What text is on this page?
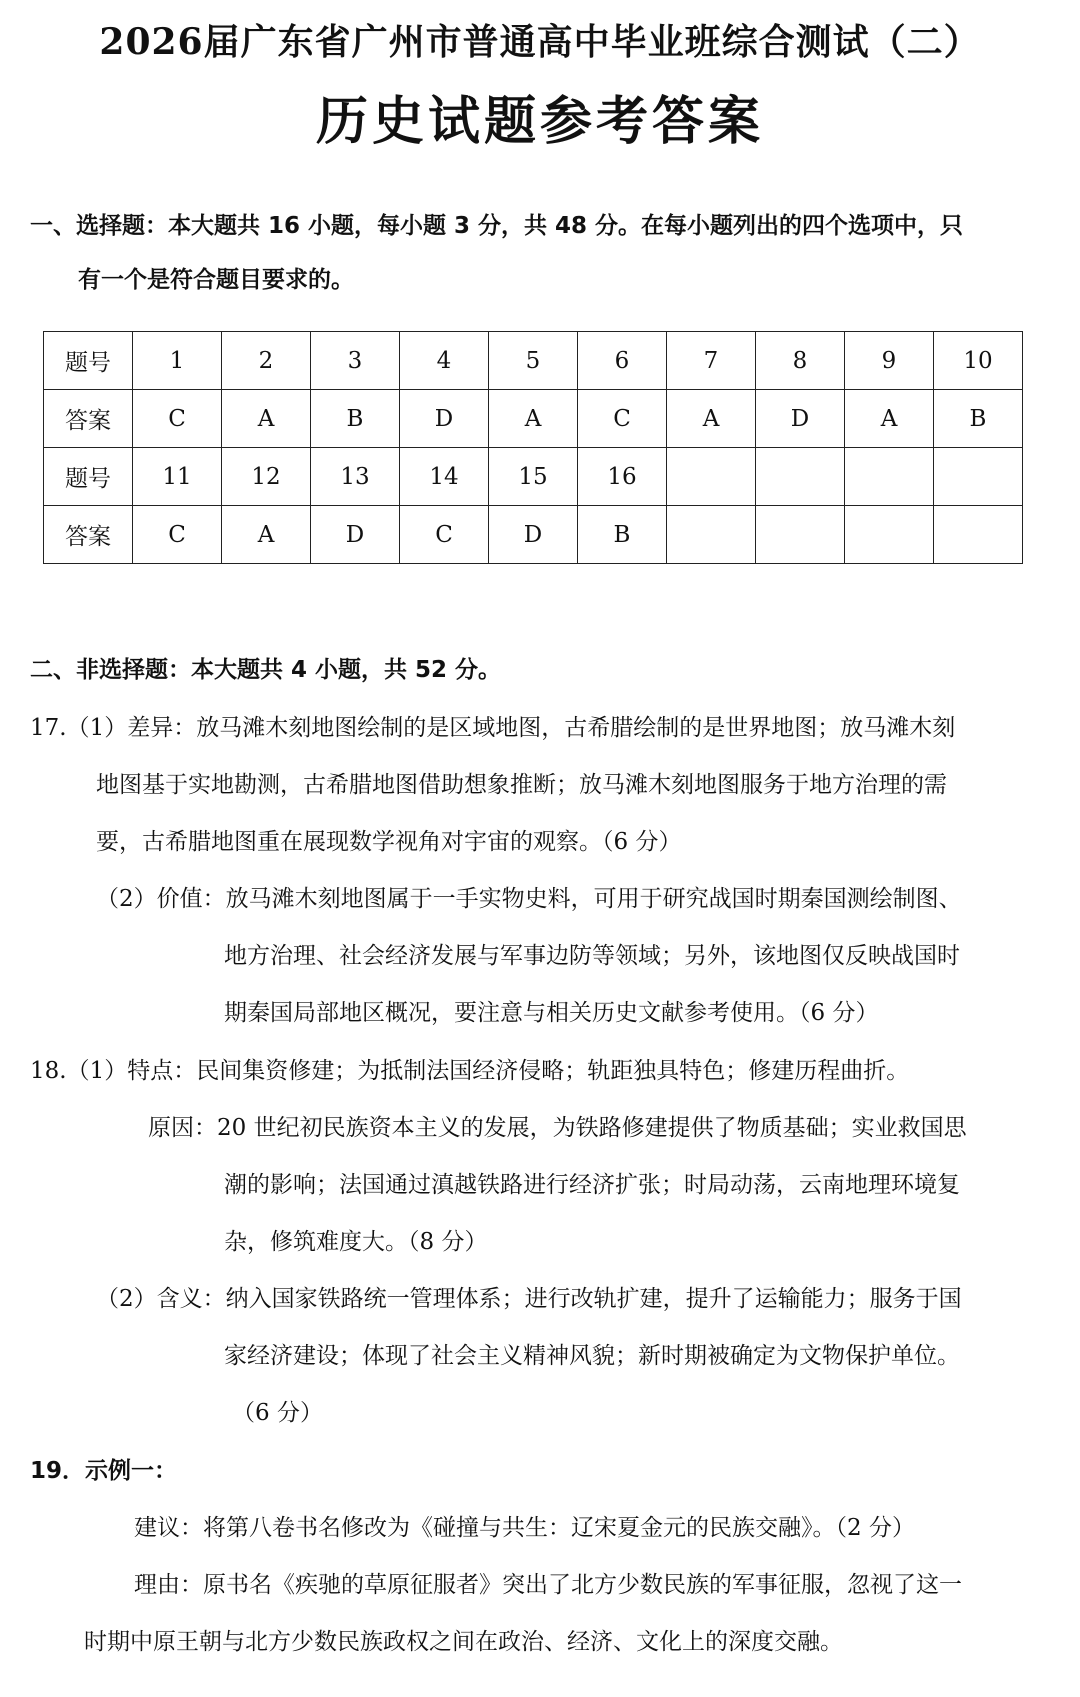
2026届广东省广州市普通高中毕业班综合测试（二）
历史试题参考答案
一、选择题：本大题共 16 小题，每小题 3 分，共 48 分。在每小题列出的四个选项中，只
有一个是符合题目要求的。
题号	1	2	3	4	5	6	7	8	9	10
答案	C	A	B	D	A	C	A	D	A	B
题号	11	12	13	14	15	16				
答案	C	A	D	C	D	B				
二、非选择题：本大题共 4 小题，共 52 分。
17.（1）差异：放马滩木刻地图绘制的是区域地图，古希腊绘制的是世界地图；放马滩木刻
地图基于实地勘测，古希腊地图借助想象推断；放马滩木刻地图服务于地方治理的需
要，古希腊地图重在展现数学视角对宇宙的观察。（6 分）
（2）价值：放马滩木刻地图属于一手实物史料，可用于研究战国时期秦国测绘制图、
地方治理、社会经济发展与军事边防等领域；另外，该地图仅反映战国时
期秦国局部地区概况，要注意与相关历史文献参考使用。（6 分）
18.（1）特点：民间集资修建；为抵制法国经济侵略；轨距独具特色；修建历程曲折。
原因：20 世纪初民族资本主义的发展，为铁路修建提供了物质基础；实业救国思
潮的影响；法国通过滇越铁路进行经济扩张；时局动荡，云南地理环境复
杂，修筑难度大。（8 分）
（2）含义：纳入国家铁路统一管理体系；进行改轨扩建，提升了运输能力；服务于国
家经济建设；体现了社会主义精神风貌；新时期被确定为文物保护单位。
（6 分）
19．示例一：
建议：将第八卷书名修改为《碰撞与共生：辽宋夏金元的民族交融》。（2 分）
理由：原书名《疾驰的草原征服者》突出了北方少数民族的军事征服，忽视了这一
时期中原王朝与北方少数民族政权之间在政治、经济、文化上的深度交融。
